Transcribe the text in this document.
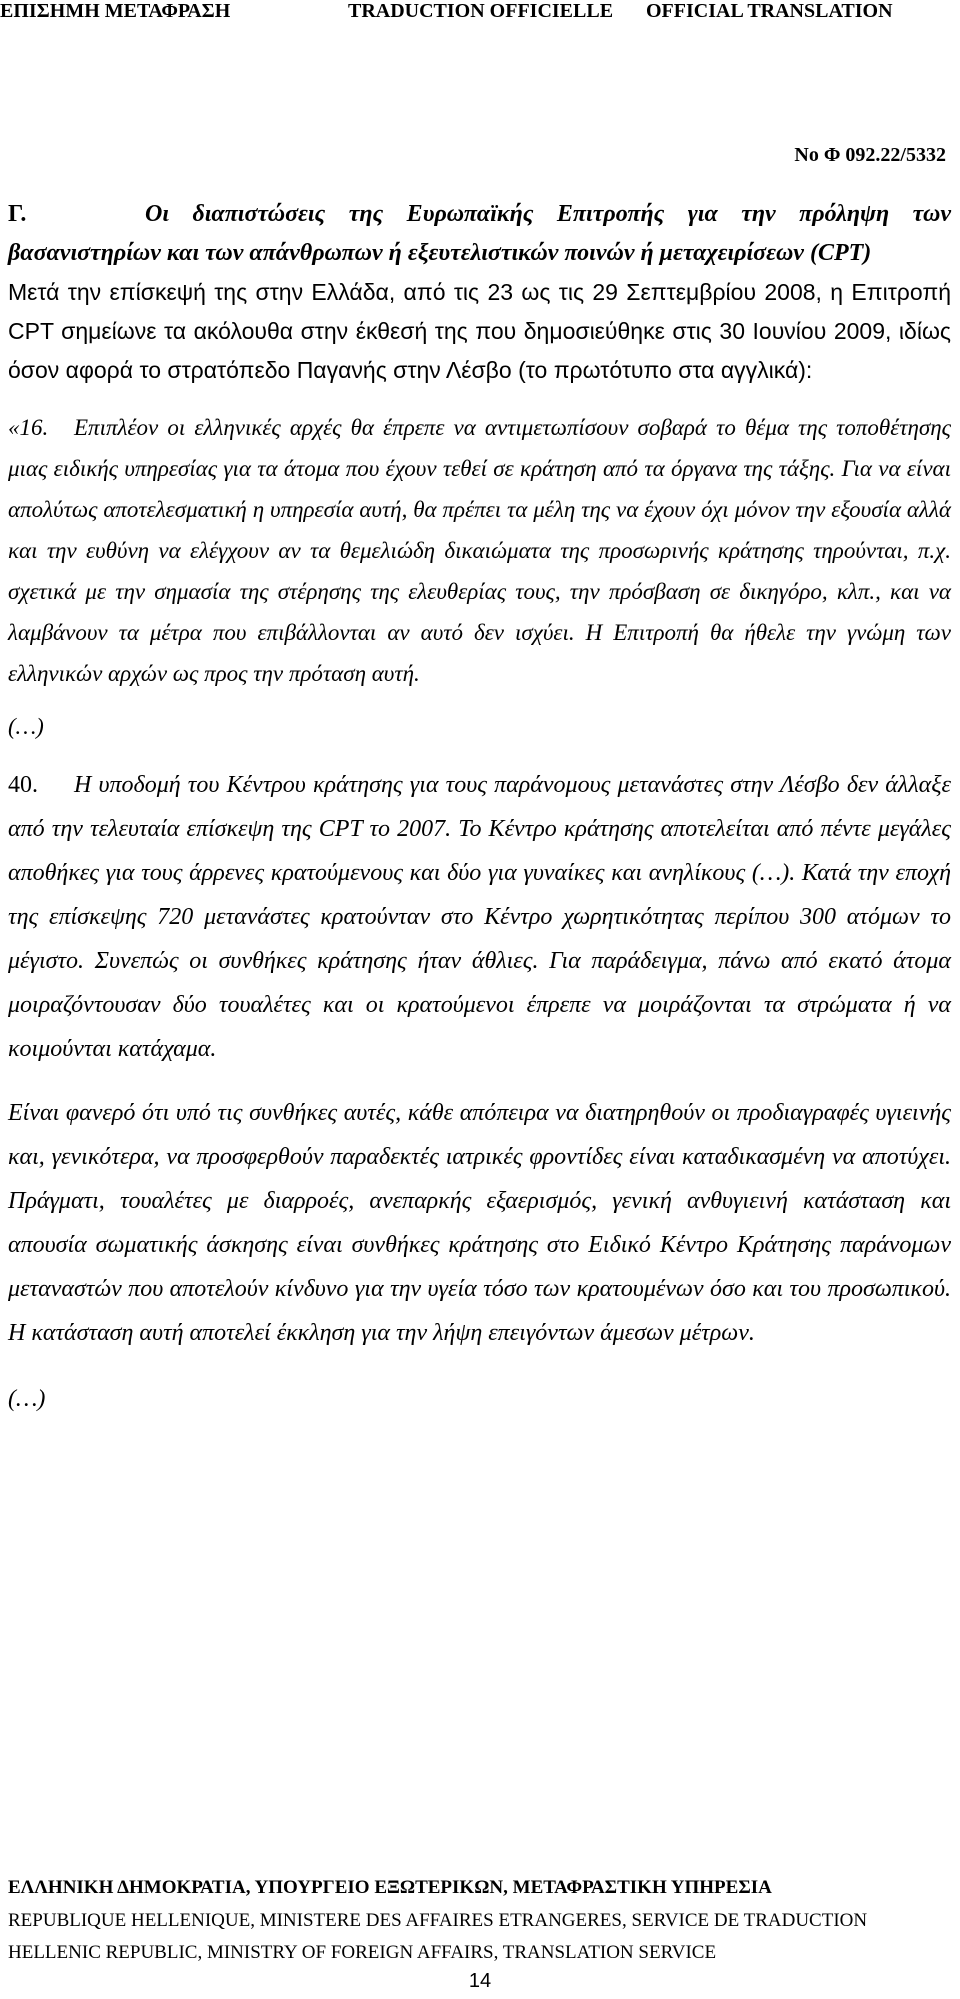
ΕΠΙΣΗΜΗ ΜΕΤΑΦΡΑΣΗ	TRADUCTION OFFICIELLE OFFICIAL TRANSLATION
No Φ 092.22/5332

Γ.	Οι διαπιστώσεις της Ευρωπαϊκής Επιτροπής για την πρόληψη των βασανιστηρίων και των απάνθρωπων ή εξευτελιστικών ποινών ή μεταχειρίσεων (CPT)

Μετά την επίσκεψή της στην Ελλάδα, από τις 23 ως τις 29 Σεπτεμβρίου 2008, η Επιτροπή CPT σημείωνε τα ακόλουθα στην έκθεσή της που δημοσιεύθηκε στις 30 Ιουνίου 2009, ιδίως όσον αφορά το στρατόπεδο Παγανής στην Λέσβο (το πρωτότυπο στα αγγλικά):

«16. Επιπλέον οι ελληνικές αρχές θα έπρεπε να αντιμετωπίσουν σοβαρά το θέμα της τοποθέτησης μιας ειδικής υπηρεσίας για τα άτομα που έχουν τεθεί σε κράτηση από τα όργανα της τάξης. Για να είναι απολύτως αποτελεσματική η υπηρεσία αυτή, θα πρέπει τα μέλη της να έχουν όχι μόνον την εξουσία αλλά και την ευθύνη να ελέγχουν αν τα θεμελιώδη δικαιώματα της προσωρινής κράτησης τηρούνται, π.χ. σχετικά με την σημασία της στέρησης της ελευθερίας τους, την πρόσβαση σε δικηγόρο, κλπ., και να λαμβάνουν τα μέτρα που επιβάλλονται αν αυτό δεν ισχύει. Η Επιτροπή θα ήθελε την γνώμη των ελληνικών αρχών ως προς την πρόταση αυτή.

(…)

40. Η υποδομή του Κέντρου κράτησης για τους παράνομους μετανάστες στην Λέσβο δεν άλλαξε από την τελευταία επίσκεψη της CPT το 2007. Το Κέντρο κράτησης αποτελείται από πέντε μεγάλες αποθήκες για τους άρρενες κρατούμενους και δύο για γυναίκες και ανηλίκους (…). Κατά την εποχή της επίσκεψης 720 μετανάστες κρατούνταν στο Κέντρο χωρητικότητας περίπου 300 ατόμων το μέγιστο. Συνεπώς οι συνθήκες κράτησης ήταν άθλιες. Για παράδειγμα, πάνω από εκατό άτομα μοιραζόντουσαν δύο τουαλέτες και οι κρατούμενοι έπρεπε να μοιράζονται τα στρώματα ή να κοιμούνται κατάχαμα.

Είναι φανερό ότι υπό τις συνθήκες αυτές, κάθε απόπειρα να διατηρηθούν οι προδιαγραφές υγιεινής και, γενικότερα, να προσφερθούν παραδεκτές ιατρικές φροντίδες είναι καταδικασμένη να αποτύχει. Πράγματι, τουαλέτες με διαρροές, ανεπαρκής εξαερισμός, γενική ανθυγιεινή κατάσταση και απουσία σωματικής άσκησης είναι συνθήκες κράτησης στο Ειδικό Κέντρο Κράτησης παράνομων μεταναστών που αποτελούν κίνδυνο για την υγεία τόσο των κρατουμένων όσο και του προσωπικού. Η κατάσταση αυτή αποτελεί έκκληση για την λήψη επειγόντων άμεσων μέτρων.

(…)

ΕΛΛΗΝΙΚΗ ΔΗΜΟΚΡΑΤΙΑ, ΥΠΟΥΡΓΕΙΟ ΕΞΩΤΕΡΙΚΩΝ, ΜΕΤΑΦΡΑΣΤΙΚΗ ΥΠΗΡΕΣΙΑ
REPUBLIQUE HELLENIQUE, MINISTERE DES AFFAIRES ETRANGERES, SERVICE DE TRADUCTION
HELLENIC REPUBLIC, MINISTRY OF FOREIGN AFFAIRS, TRANSLATION SERVICE
14
